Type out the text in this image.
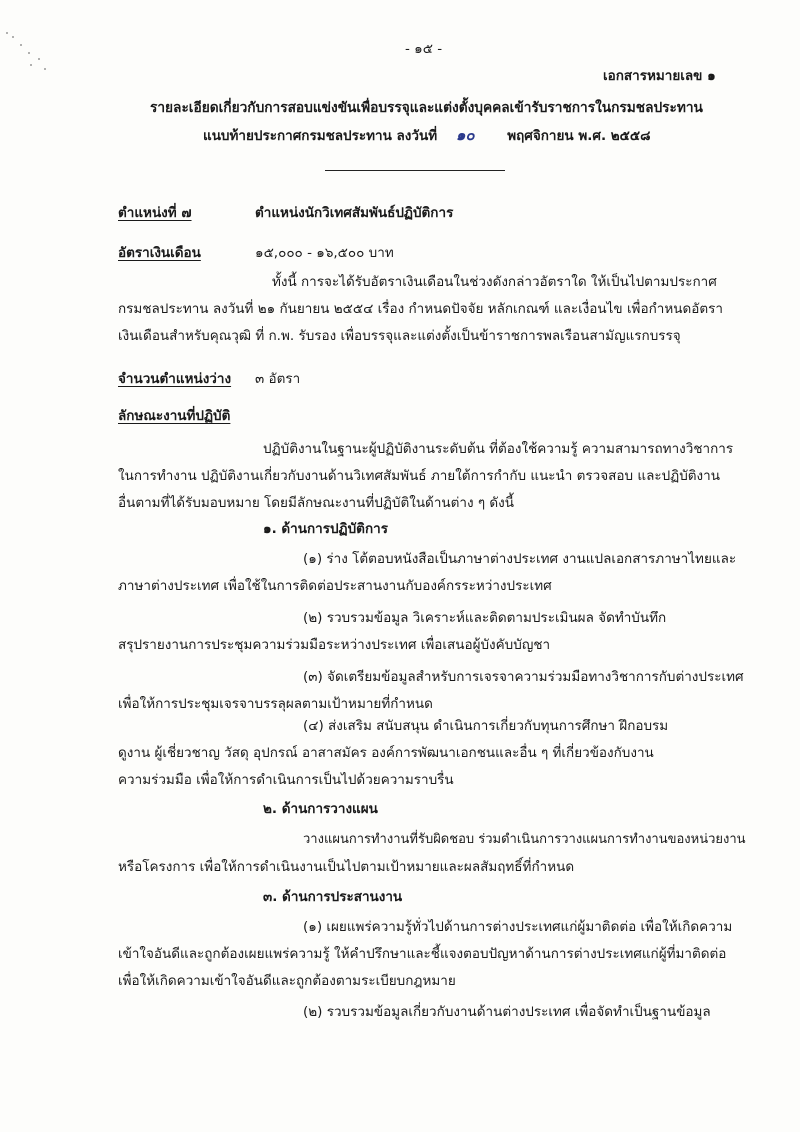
- ๑๕ -
เอกสารหมายเลข ๑
รายละเอียดเกี่ยวกับการสอบแข่งขันเพื่อบรรจุและแต่งตั้งบุคคลเข้ารับราชการในกรมชลประทาน
แนบท้ายประกาศกรมชลประทาน ลงวันที่ ๑๐ พฤศจิกายน พ.ศ. ๒๕๕๘
ตำแหน่งที่ ๗	ตำแหน่งนักวิเทศสัมพันธ์ปฏิบัติการ
อัตราเงินเดือน	๑๕,๐๐๐ - ๑๖,๕๐๐ บาท
ทั้งนี้ การจะได้รับอัตราเงินเดือนในช่วงดังกล่าวอัตราใด ให้เป็นไปตามประกาศ
กรมชลประทาน ลงวันที่ ๒๑ กันยายน ๒๕๕๔ เรื่อง กำหนดปัจจัย หลักเกณฑ์ และเงื่อนไข เพื่อกำหนดอัตรา
เงินเดือนสำหรับคุณวุฒิ ที่ ก.พ. รับรอง เพื่อบรรจุและแต่งตั้งเป็นข้าราชการพลเรือนสามัญแรกบรรจุ
จำนวนตำแหน่งว่าง ๓ อัตรา
ลักษณะงานที่ปฏิบัติ
ปฏิบัติงานในฐานะผู้ปฏิบัติงานระดับต้น ที่ต้องใช้ความรู้ ความสามารถทางวิชาการ
ในการทำงาน ปฏิบัติงานเกี่ยวกับงานด้านวิเทศสัมพันธ์ ภายใต้การกำกับ แนะนำ ตรวจสอบ และปฏิบัติงาน
อื่นตามที่ได้รับมอบหมาย โดยมีลักษณะงานที่ปฏิบัติในด้านต่าง ๆ ดังนี้
๑. ด้านการปฏิบัติการ
(๑) ร่าง โต้ตอบหนังสือเป็นภาษาต่างประเทศ งานแปลเอกสารภาษาไทยและ
ภาษาต่างประเทศ เพื่อใช้ในการติดต่อประสานงานกับองค์กรระหว่างประเทศ
(๒) รวบรวมข้อมูล วิเคราะห์และติดตามประเมินผล จัดทำบันทึก
สรุปรายงานการประชุมความร่วมมือระหว่างประเทศ เพื่อเสนอผู้บังคับบัญชา
(๓) จัดเตรียมข้อมูลสำหรับการเจรจาความร่วมมือทางวิชาการกับต่างประเทศ
เพื่อให้การประชุมเจรจาบรรลุผลตามเป้าหมายที่กำหนด
(๔) ส่งเสริม สนับสนุน ดำเนินการเกี่ยวกับทุนการศึกษา ฝึกอบรม
ดูงาน ผู้เชี่ยวชาญ วัสดุ อุปกรณ์ อาสาสมัคร องค์การพัฒนาเอกชนและอื่น ๆ ที่เกี่ยวข้องกับงาน
ความร่วมมือ เพื่อให้การดำเนินการเป็นไปด้วยความราบรื่น
๒. ด้านการวางแผน
วางแผนการทำงานที่รับผิดชอบ ร่วมดำเนินการวางแผนการทำงานของหน่วยงาน
หรือโครงการ เพื่อให้การดำเนินงานเป็นไปตามเป้าหมายและผลสัมฤทธิ์ที่กำหนด
๓. ด้านการประสานงาน
(๑) เผยแพร่ความรู้ทั่วไปด้านการต่างประเทศแก่ผู้มาติดต่อ เพื่อให้เกิดความ
เข้าใจอันดีและถูกต้องเผยแพร่ความรู้ ให้คำปรึกษาและชี้แจงตอบปัญหาด้านการต่างประเทศแก่ผู้ที่มาติดต่อ
เพื่อให้เกิดความเข้าใจอันดีและถูกต้องตามระเบียบกฎหมาย
(๒) รวบรวมข้อมูลเกี่ยวกับงานด้านต่างประเทศ เพื่อจัดทำเป็นฐานข้อมูล
